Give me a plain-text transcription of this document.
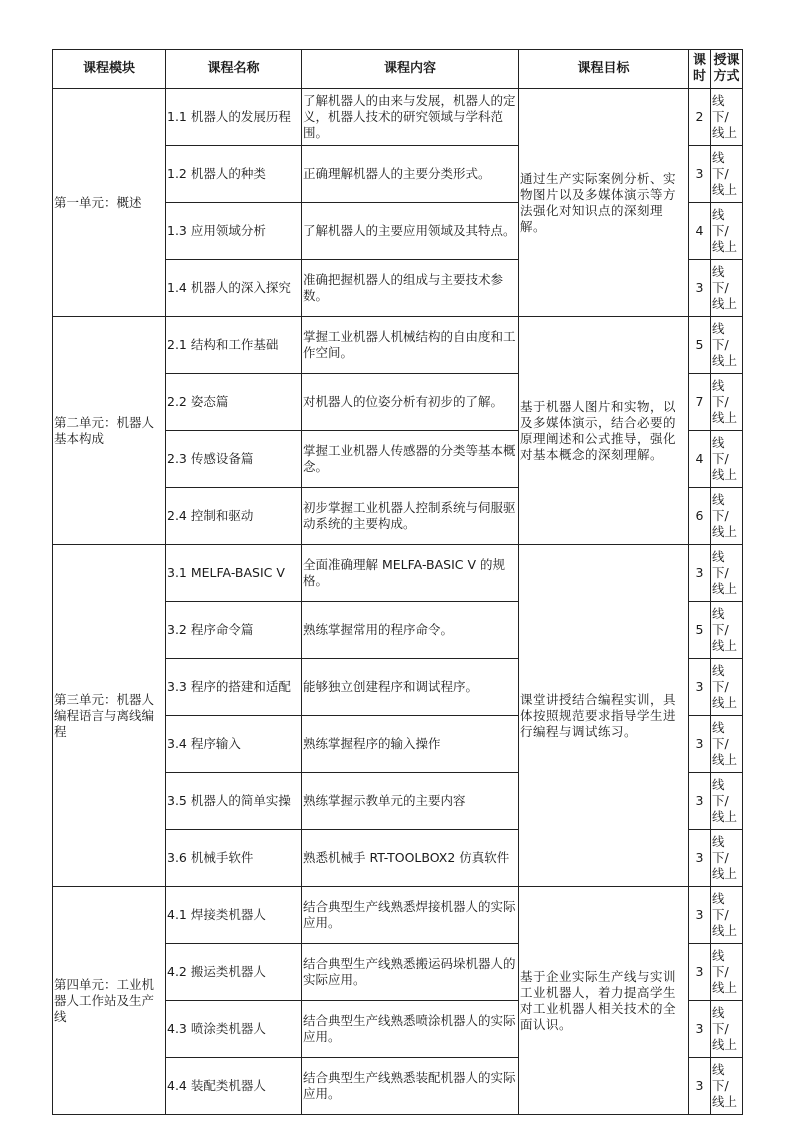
课程模块	课程名称	课程内容	课程目标	课时	授课方式
第一单元：概述	1.1 机器人的发展历程	了解机器人的由来与发展，机器人的定义，机器人技术的研究领域与学科范围。	通过生产实际案例分析、实物图片以及多媒体演示等方法强化对知识点的深刻理解。	2	线下/ 线上
	1.2 机器人的种类	正确理解机器人的主要分类形式。		3	线下/ 线上
	1.3 应用领域分析	了解机器人的主要应用领域及其特点。		4	线下/ 线上
	1.4 机器人的深入探究	准确把握机器人的组成与主要技术参数。		3	线下/ 线上
第二单元：机器人基本构成	2.1 结构和工作基础	掌握工业机器人机械结构的自由度和工作空间。	基于机器人图片和实物，以及多媒体演示，结合必要的原理阐述和公式推导，强化对基本概念的深刻理解。	5	线下/ 线上
	2.2 姿态篇	对机器人的位姿分析有初步的了解。		7	线下/ 线上
	2.3 传感设备篇	掌握工业机器人传感器的分类等基本概念。		4	线下/ 线上
	2.4 控制和驱动	初步掌握工业机器人控制系统与伺服驱动系统的主要构成。		6	线下/ 线上
第三单元：机器人编程语言与离线编程	3.1 MELFA-BASIC V	全面准确理解 MELFA-BASIC V 的规格。	课堂讲授结合编程实训，具体按照规范要求指导学生进行编程与调试练习。	3	线下/ 线上
	3.2 程序命令篇	熟练掌握常用的程序命令。		5	线下/ 线上
	3.3 程序的搭建和适配	能够独立创建程序和调试程序。		3	线下/ 线上
	3.4 程序输入	熟练掌握程序的输入操作		3	线下/ 线上
	3.5 机器人的简单实操	熟练掌握示教单元的主要内容		3	线下/ 线上
	3.6 机械手软件	熟悉机械手 RT-TOOLBOX2 仿真软件		3	线下/ 线上
第四单元：工业机器人工作站及生产线	4.1 焊接类机器人	结合典型生产线熟悉焊接机器人的实际应用。	基于企业实际生产线与实训工业机器人，着力提高学生对工业机器人相关技术的全面认识。	3	线下/ 线上
	4.2 搬运类机器人	结合典型生产线熟悉搬运码垛机器人的实际应用。		3	线下/ 线上
	4.3 喷涂类机器人	结合典型生产线熟悉喷涂机器人的实际应用。		3	线下/ 线上
	4.4 装配类机器人	结合典型生产线熟悉装配机器人的实际应用。		3	线下/ 线上
